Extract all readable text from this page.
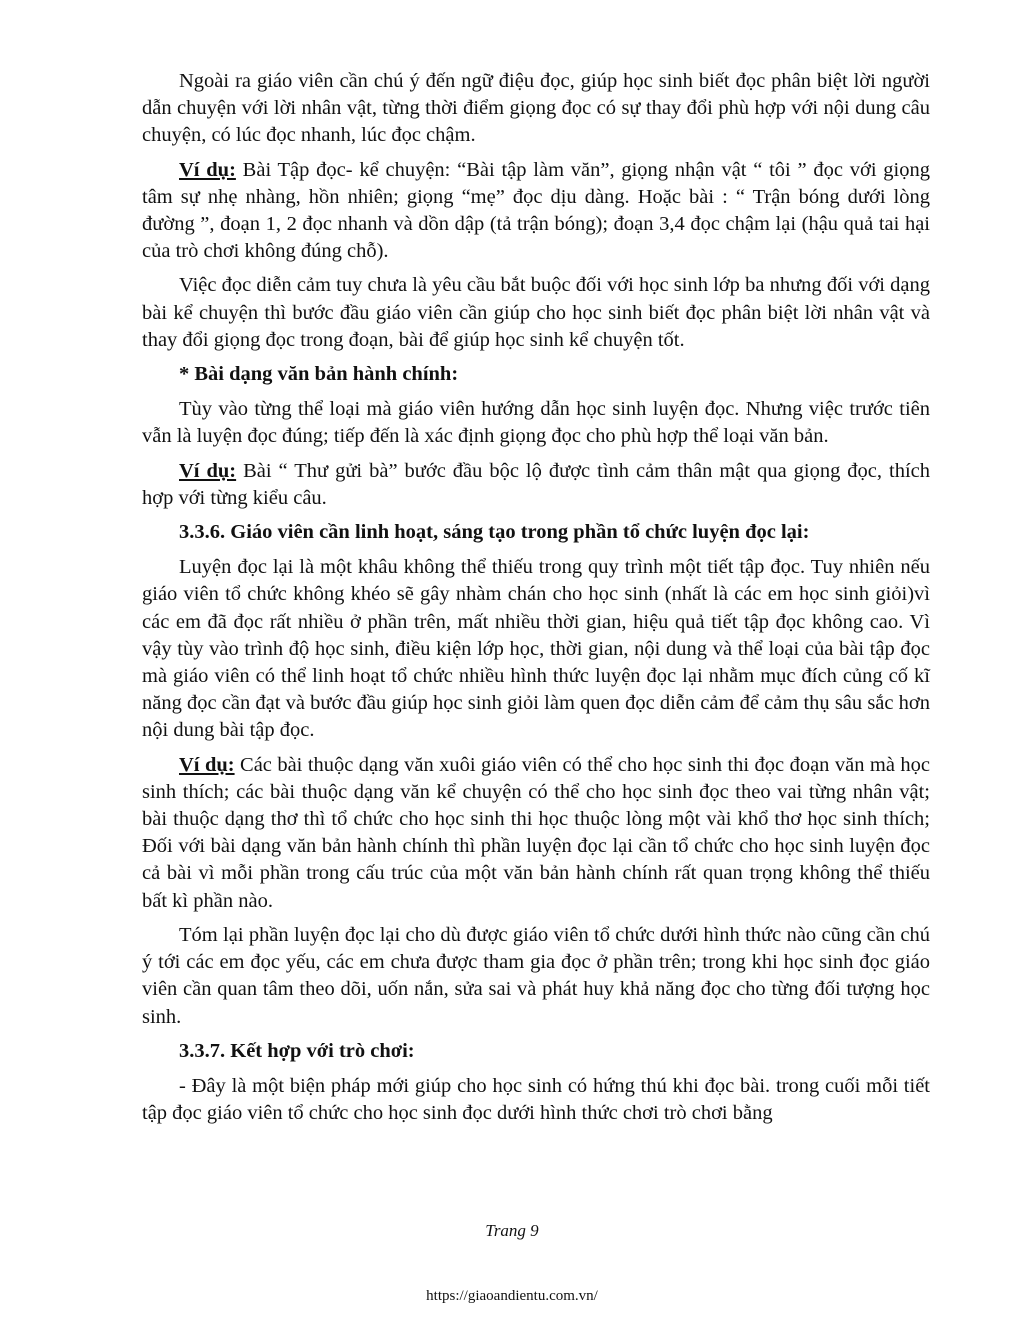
Ngoài ra giáo viên cần chú ý đến ngữ điệu đọc, giúp học sinh biết đọc phân biệt lời người dẫn chuyện với lời nhân vật, từng thời điểm giọng đọc có sự thay đổi phù hợp với nội dung câu chuyện, có lúc đọc nhanh, lúc đọc chậm.

Ví dụ: Bài Tập đọc- kể chuyện: “Bài tập làm văn”, giọng nhận vật “ tôi ” đọc với giọng tâm sự nhẹ nhàng, hồn nhiên; giọng “mẹ” đọc dịu dàng. Hoặc bài : “ Trận bóng dưới lòng đường ”, đoạn 1, 2 đọc nhanh và dồn dập (tả trận bóng); đoạn 3,4 đọc chậm lại (hậu quả tai hại của trò chơi không đúng chỗ).

Việc đọc diễn cảm tuy chưa là yêu cầu bắt buộc đối với học sinh lớp ba nhưng đối với dạng bài kể chuyện thì bước đầu giáo viên cần giúp cho học sinh biết đọc phân biệt lời nhân vật và thay đổi giọng đọc trong đoạn, bài để giúp học sinh kể chuyện tốt.

* Bài dạng văn bản hành chính:

Tùy vào từng thể loại mà giáo viên hướng dẫn học sinh luyện đọc. Nhưng việc trước tiên vẫn là luyện đọc đúng; tiếp đến là xác định giọng đọc cho phù hợp thể loại văn bản.

Ví dụ: Bài “ Thư gửi bà” bước đầu bộc lộ được tình cảm thân mật qua giọng đọc, thích hợp với từng kiểu câu.

3.3.6. Giáo viên cần linh hoạt, sáng tạo trong phần tổ chức luyện đọc lại:

Luyện đọc lại là một khâu không thể thiếu trong quy trình một tiết tập đọc. Tuy nhiên nếu giáo viên tổ chức không khéo sẽ gây nhàm chán cho học sinh (nhất là các em học sinh giỏi)vì các em đã đọc rất nhiều ở phần trên, mất nhiều thời gian, hiệu quả tiết tập đọc không cao. Vì vậy tùy vào trình độ học sinh, điều kiện lớp học, thời gian, nội dung và thể loại của bài tập đọc mà giáo viên có thể linh hoạt tổ chức nhiều hình thức luyện đọc lại nhằm mục đích củng cố kĩ năng đọc cần đạt và bước đầu giúp học sinh giỏi làm quen đọc diễn cảm để cảm thụ sâu sắc hơn nội dung bài tập đọc.

Ví dụ: Các bài thuộc dạng văn xuôi giáo viên có thể cho học sinh thi đọc đoạn văn mà học sinh thích; các bài thuộc dạng văn kể chuyện có thể cho học sinh đọc theo vai từng nhân vật; bài thuộc dạng thơ thì tổ chức cho học sinh thi học thuộc lòng một vài khổ thơ học sinh thích; Đối với bài dạng văn bản hành chính thì phần luyện đọc lại cần tổ chức cho học sinh luyện đọc cả bài vì mỗi phần trong cấu trúc của một văn bản hành chính rất quan trọng không thể thiếu bất kì phần nào.

Tóm lại phần luyện đọc lại cho dù được giáo viên tổ chức dưới hình thức nào cũng cần chú ý tới các em đọc yếu, các em chưa được tham gia đọc ở phần trên; trong khi học sinh đọc giáo viên cần quan tâm theo dõi, uốn nắn, sửa sai và phát huy khả năng đọc cho từng đối tượng học sinh.

3.3.7. Kết hợp với trò chơi:

- Đây là một biện pháp mới giúp cho học sinh có hứng thú khi đọc bài. trong cuối mỗi tiết tập đọc giáo viên tổ chức cho học sinh đọc dưới hình thức chơi trò chơi bằng

Trang 9
https://giaoandientu.com.vn/
